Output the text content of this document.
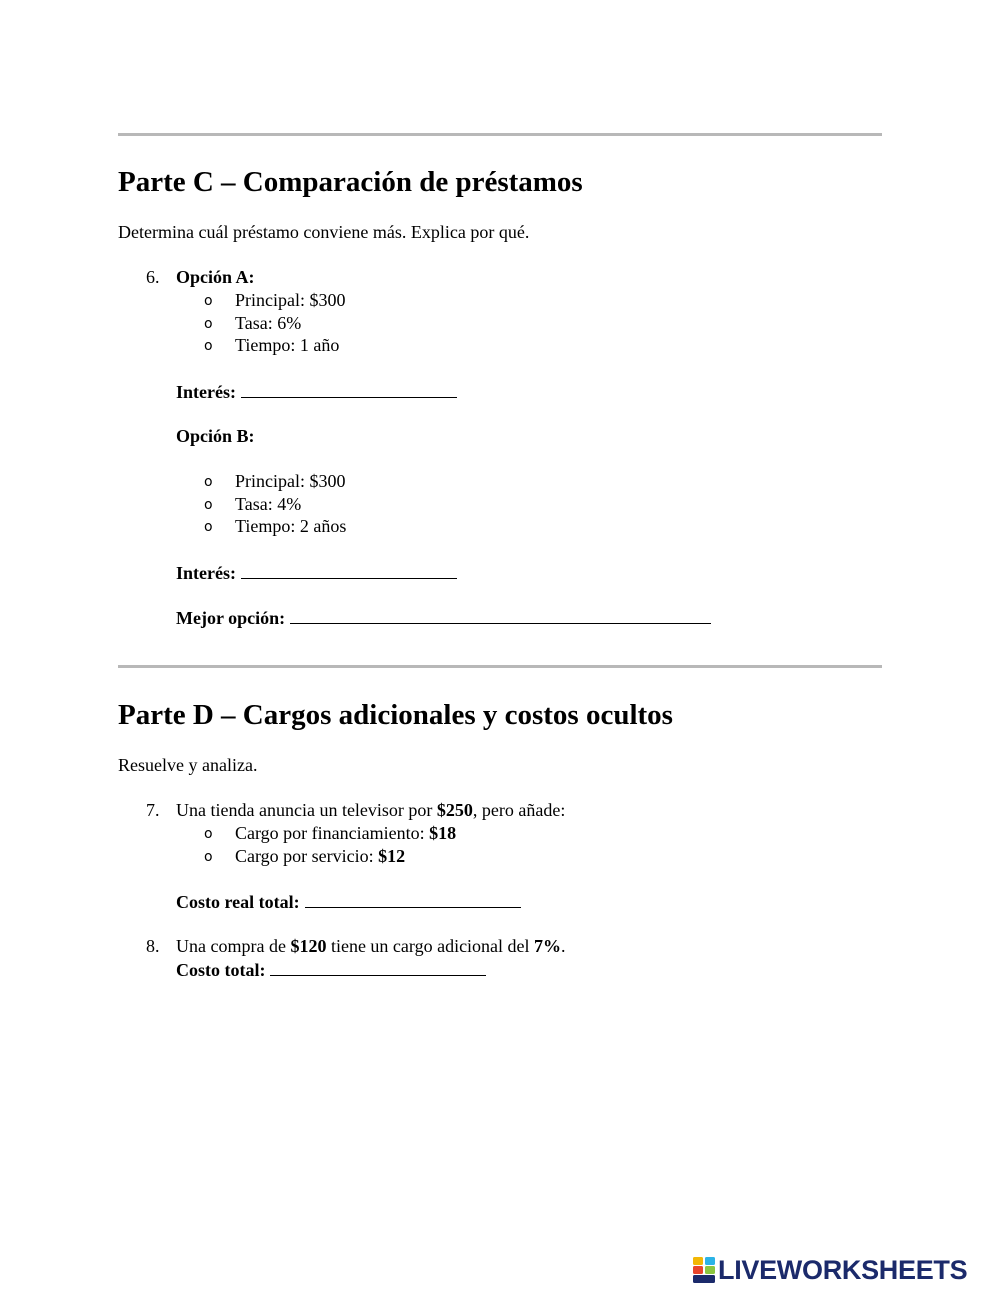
Parte C – Comparación de préstamos
Determina cuál préstamo conviene más. Explica por qué.
6. Opción A:
o Principal: $300
o Tasa: 6%
o Tiempo: 1 año
Interés:
Opción B:
o Principal: $300
o Tasa: 4%
o Tiempo: 2 años
Interés:
Mejor opción:
Parte D – Cargos adicionales y costos ocultos
Resuelve y analiza.
7. Una tienda anuncia un televisor por $250, pero añade:
o Cargo por financiamiento: $18
o Cargo por servicio: $12
Costo real total:
8. Una compra de $120 tiene un cargo adicional del 7%.
Costo total:
LIVEWORKSHEETS
